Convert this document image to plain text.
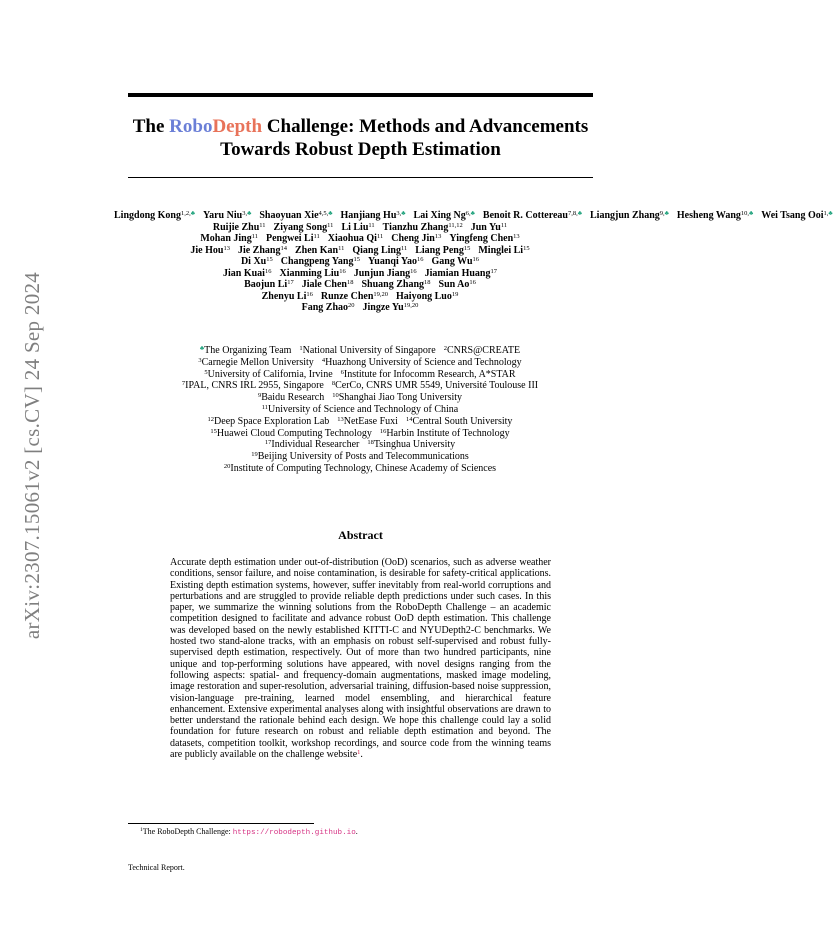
arXiv:2307.15061v2 [cs.CV] 24 Sep 2024
The RoboDepth Challenge: Methods and Advancements Towards Robust Depth Estimation
Lingdong Kong$^{1,2,♣}$ Yaru Niu$^{3,♣}$ Shaoyuan Xie$^{4,5,♣}$ Hanjiang $Hu^{3,♣}$ Lai Xing $Ng^{6,♣}$ Benoit R. Cottereau$^{7,8,♣}$ Liangjun Zhang$^{9,♣}$ Hesheng Wang$^{10,♣}$ Wei Tsang Ooi$^{1,♣}$
Ruijie Zhu$^{11}$ Ziyang Song$^{11}$ Li Liu$^{11}$ Tianzhu Zhang$^{11,12}$ Jun Yu$^{11}$
Mohan Jing$^{11}$ Pengwei Li$^{11}$ Xiaohua Qi$^{11}$ Cheng Jin$^{13}$ Yingfeng Chen$^{13}$
Jie Hou$^{13}$ Jie Zhang$^{14}$ Zhen Kan$^{11}$ Qiang Ling$^{11}$ Liang Peng$^{15}$ Minglei Li$^{15}$
Di Xu$^{15}$ Changpeng Yang$^{15}$ Yuanqi Yao$^{16}$ Gang Wu$^{16}$
Jian Kuai$^{16}$ Xianming Liu$^{16}$ Junjun Jiang$^{16}$ Jiamian Huang$^{17}$
Baojun Li$^{17}$ Jiale Chen$^{18}$ Shuang Zhang$^{18}$ Sun Ao$^{16}$
Zhenyu Li$^{16}$ Runze Chen$^{19,20}$ Haiyong Luo$^{19}$
Fang Zhao$^{20}$ Jingze Yu$^{19,20}$
♣The Organizing Team $^1$National University of Singapore $^2$CNRS@CREATE
$^3$Carnegie Mellon University $^4$Huazhong University of Science and Technology
$^5$University of California, Irvine $^6$Institute for Infocomm Research, A*STAR
$^7$IPAL, CNRS IRL 2955, Singapore $^8$CerCo, CNRS UMR 5549, Université Toulouse III
$^9$Baidu Research $^{10}$Shanghai Jiao Tong University
$^{11}$University of Science and Technology of China
$^{12}$Deep Space Exploration Lab $^{13}$NetEase Fuxi $^{14}$Central South University
$^{15}$Huawei Cloud Computing Technology $^{16}$Harbin Institute of Technology
$^{17}$Individual Researcher $^{18}$Tsinghua University
$^{19}$Beijing University of Posts and Telecommunications
$^{20}$Institute of Computing Technology, Chinese Academy of Sciences
Abstract
Accurate depth estimation under out-of-distribution (OoD) scenarios, such as adverse weather conditions, sensor failure, and noise contamination, is desirable for safety-critical applications. Existing depth estimation systems, however, suffer inevitably from real-world corruptions and perturbations and are struggled to provide reliable depth predictions under such cases. In this paper, we summarize the winning solutions from the RoboDepth Challenge – an academic competition designed to facilitate and advance robust OoD depth estimation. This challenge was developed based on the newly established KITTI-C and NYUDepth2-C benchmarks. We hosted two stand-alone tracks, with an emphasis on robust self-supervised and robust fully-supervised depth estimation, respectively. Out of more than two hundred participants, nine unique and top-performing solutions have appeared, with novel designs ranging from the following aspects: spatial- and frequency-domain augmentations, masked image modeling, image restoration and super-resolution, adversarial training, diffusion-based noise suppression, vision-language pre-training, learned model ensembling, and hierarchical feature enhancement. Extensive experimental analyses along with insightful observations are drawn to better understand the rationale behind each design. We hope this challenge could lay a solid foundation for future research on robust and reliable depth estimation and beyond. The datasets, competition toolkit, workshop recordings, and source code from the winning teams are publicly available on the challenge website$^1$.
$^1$The RoboDepth Challenge: https://robodepth.github.io.
Technical Report.
